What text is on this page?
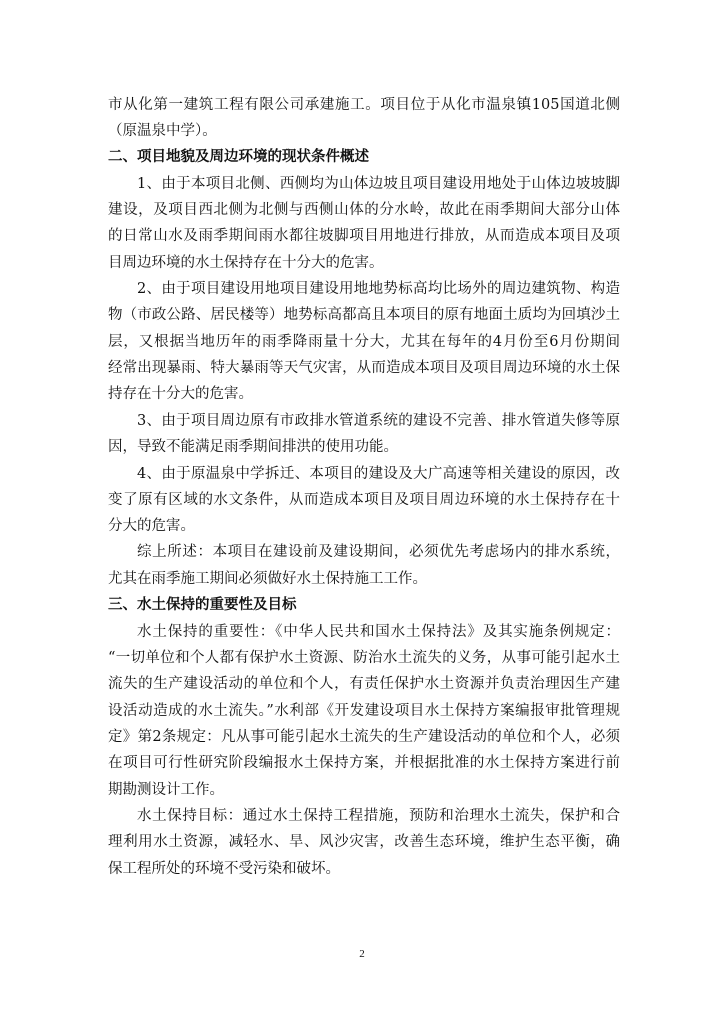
市从化第一建筑工程有限公司承建施工。项目位于从化市温泉镇105国道北侧
（原温泉中学）。
二、项目地貌及周边环境的现状条件概述
1、由于本项目北侧、西侧均为山体边坡且项目建设用地处于山体边坡坡脚
建设，及项目西北侧为北侧与西侧山体的分水岭，故此在雨季期间大部分山体
的日常山水及雨季期间雨水都往坡脚项目用地进行排放，从而造成本项目及项
目周边环境的水土保持存在十分大的危害。
2、由于项目建设用地项目建设用地地势标高均比场外的周边建筑物、构造
物（市政公路、居民楼等）地势标高都高且本项目的原有地面土质均为回填沙土
层，又根据当地历年的雨季降雨量十分大，尤其在每年的4月份至6月份期间
经常出现暴雨、特大暴雨等天气灾害，从而造成本项目及项目周边环境的水土保
持存在十分大的危害。
3、由于项目周边原有市政排水管道系统的建设不完善、排水管道失修等原
因，导致不能满足雨季期间排洪的使用功能。
4、由于原温泉中学拆迁、本项目的建设及大广高速等相关建设的原因，改
变了原有区域的水文条件，从而造成本项目及项目周边环境的水土保持存在十
分大的危害。
综上所述：本项目在建设前及建设期间，必须优先考虑场内的排水系统，
尤其在雨季施工期间必须做好水土保持施工工作。
三、水土保持的重要性及目标
水土保持的重要性：《中华人民共和国水土保持法》及其实施条例规定：
“一切单位和个人都有保护水土资源、防治水土流失的义务，从事可能引起水土
流失的生产建设活动的单位和个人，有责任保护水土资源并负责治理因生产建
设活动造成的水土流失。”水利部《开发建设项目水土保持方案编报审批管理规
定》第2条规定：凡从事可能引起水土流失的生产建设活动的单位和个人，必须
在项目可行性研究阶段编报水土保持方案，并根据批准的水土保持方案进行前
期勘测设计工作。
水土保持目标：通过水土保持工程措施，预防和治理水土流失，保护和合
理利用水土资源，减轻水、旱、风沙灾害，改善生态环境，维护生态平衡，确
保工程所处的环境不受污染和破坏。
2
